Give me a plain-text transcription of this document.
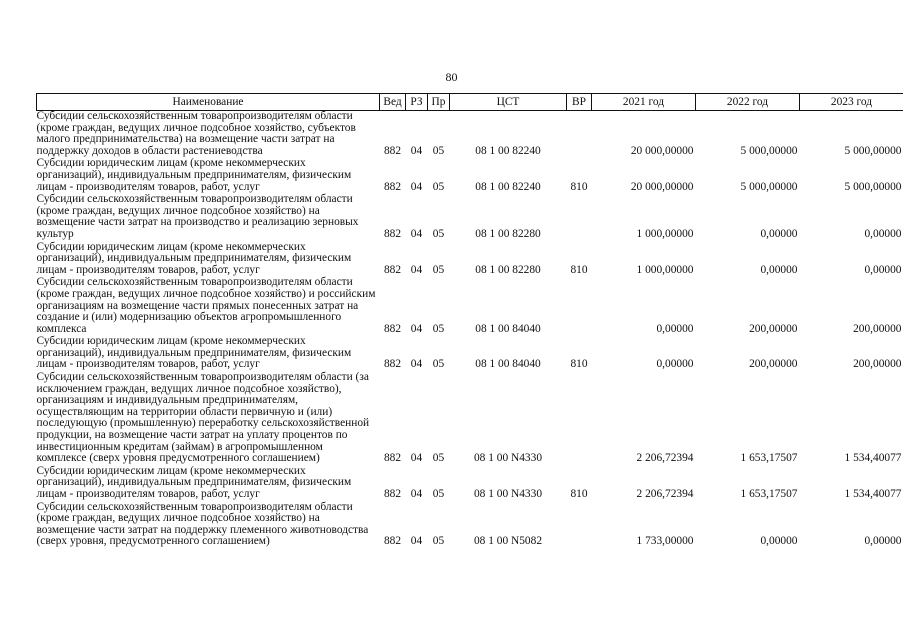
80
Наименование	Вед	РЗ	Пр	ЦСТ	ВР	2021 год	2022 год	2023 год
Субсидии сельскохозяйственным товаропроизводителям области (кроме граждан, ведущих личное подсобное хозяйство, субъектов малого предпринимательства) на возмещение части затрат на поддержку доходов в области растениеводства	882	04	05	08 1 00 82240		20 000,00000	5 000,00000	5 000,00000
Субсидии юридическим лицам (кроме некоммерческих организаций), индивидуальным предпринимателям, физическим лицам - производителям товаров, работ, услуг	882	04	05	08 1 00 82240	810	20 000,00000	5 000,00000	5 000,00000
Субсидии сельскохозяйственным товаропроизводителям области (кроме граждан, ведущих личное подсобное хозяйство) на возмещение части затрат на производство и реализацию зерновых культур	882	04	05	08 1 00 82280		1 000,00000	0,00000	0,00000
Субсидии юридическим лицам (кроме некоммерческих организаций), индивидуальным предпринимателям, физическим лицам - производителям товаров, работ, услуг	882	04	05	08 1 00 82280	810	1 000,00000	0,00000	0,00000
Субсидии сельскохозяйственным товаропроизводителям области (кроме граждан, ведущих личное подсобное хозяйство) и российским организациям на возмещение части прямых понесенных затрат на создание и (или) модернизацию объектов агропромышленного комплекса	882	04	05	08 1 00 84040		0,00000	200,00000	200,00000
Субсидии юридическим лицам (кроме некоммерческих организаций), индивидуальным предпринимателям, физическим лицам - производителям товаров, работ, услуг	882	04	05	08 1 00 84040	810	0,00000	200,00000	200,00000
Субсидии сельскохозяйственным товаропроизводителям области (за исключением граждан, ведущих личное подсобное хозяйство), организациям и индивидуальным предпринимателям, осуществляющим на территории области первичную и (или) последующую (промышленную) переработку сельскохозяйственной продукции, на возмещение части затрат на уплату процентов по инвестиционным кредитам (займам) в агропромышленном комплексе (сверх уровня предусмотренного соглашением)	882	04	05	08 1 00 N4330		2 206,72394	1 653,17507	1 534,40077
Субсидии юридическим лицам (кроме некоммерческих организаций), индивидуальным предпринимателям, физическим лицам - производителям товаров, работ, услуг	882	04	05	08 1 00 N4330	810	2 206,72394	1 653,17507	1 534,40077
Субсидии сельскохозяйственным товаропроизводителям области (кроме граждан, ведущих личное подсобное хозяйство) на возмещение части затрат на поддержку племенного животноводства (сверх уровня, предусмотренного соглашением)	882	04	05	08 1 00 N5082		1 733,00000	0,00000	0,00000
